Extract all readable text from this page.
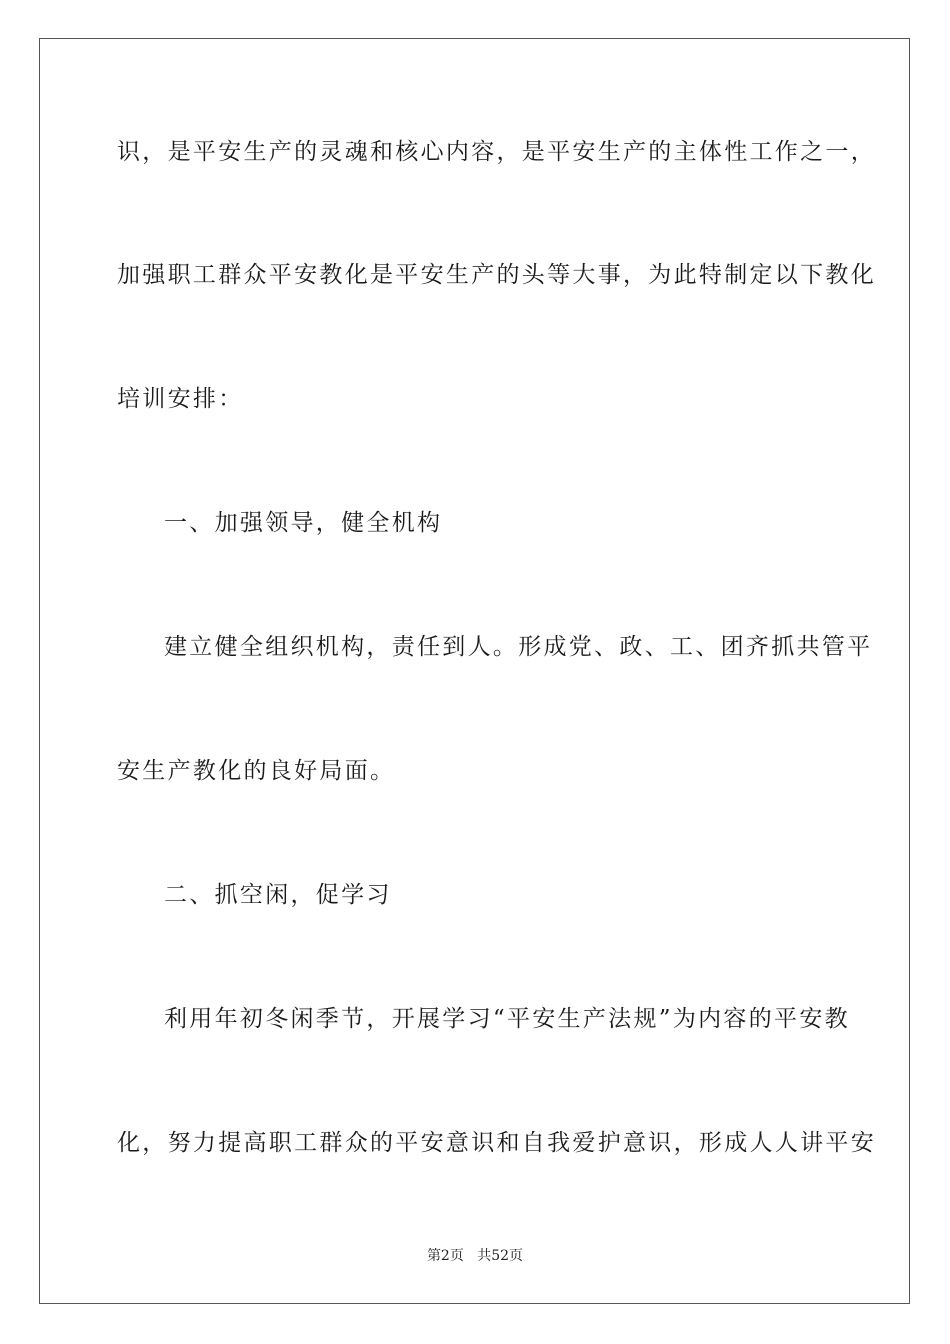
识，是平安生产的灵魂和核心内容，是平安生产的主体性工作之一，
加强职工群众平安教化是平安生产的头等大事，为此特制定以下教化
培训安排：
一、加强领导，健全机构
建立健全组织机构，责任到人。形成党、政、工、团齐抓共管平
安生产教化的良好局面。
二、抓空闲，促学习
利用年初冬闲季节，开展学习“平安生产法规”为内容的平安教
化，努力提高职工群众的平安意识和自我爱护意识，形成人人讲平安
第2页 共52页
